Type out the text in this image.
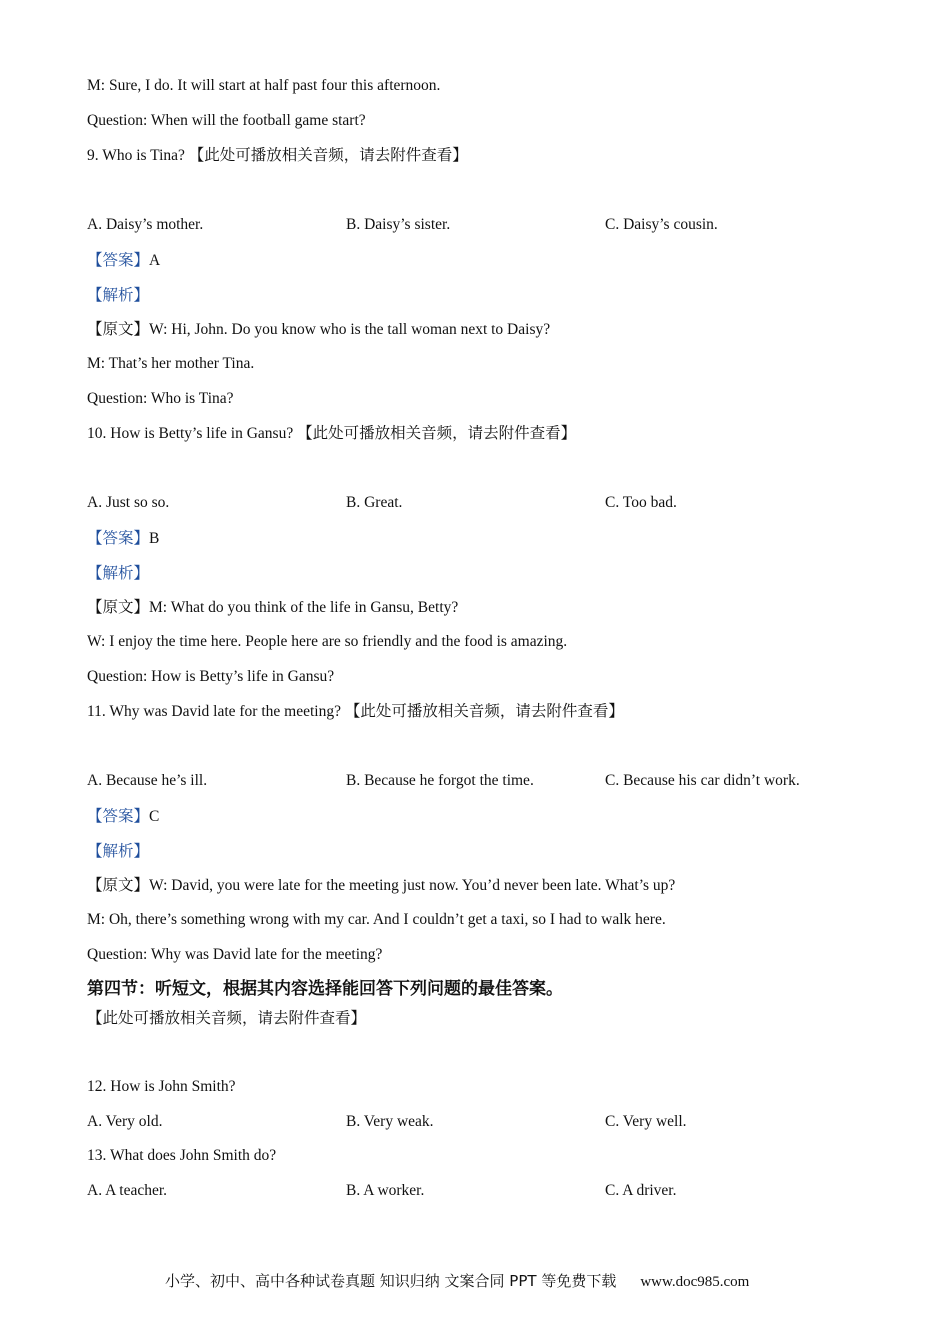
M: Sure, I do. It will start at half past four this afternoon.
Question: When will the football game start?
9. Who is Tina? 【此处可播放相关音频，请去附件查看】
A. Daisy’s mother.	B. Daisy’s sister.	C. Daisy’s cousin.
【答案】A
【解析】
【原文】W: Hi, John. Do you know who is the tall woman next to Daisy?
M: That’s her mother Tina.
Question: Who is Tina?
10. How is Betty’s life in Gansu? 【此处可播放相关音频，请去附件查看】
A. Just so so.	B. Great.	C. Too bad.
【答案】B
【解析】
【原文】M: What do you think of the life in Gansu, Betty?
W: I enjoy the time here. People here are so friendly and the food is amazing.
Question: How is Betty’s life in Gansu?
11. Why was David late for the meeting? 【此处可播放相关音频，请去附件查看】
A. Because he’s ill.	B. Because he forgot the time.	C. Because his car didn’t work.
【答案】C
【解析】
【原文】W: David, you were late for the meeting just now. You’d never been late. What’s up?
M: Oh, there’s something wrong with my car. And I couldn’t get a taxi, so I had to walk here.
Question: Why was David late for the meeting?
第四节：听短文，根据其内容选择能回答下列问题的最佳答案。
【此处可播放相关音频，请去附件查看】
12. How is John Smith?
A. Very old.	B. Very weak.	C. Very well.
13. What does John Smith do?
A. A teacher.	B. A worker.	C. A driver.
小学、初中、高中各种试卷真题 知识归纳 文案合同 PPT 等免费下载 www.doc985.com
